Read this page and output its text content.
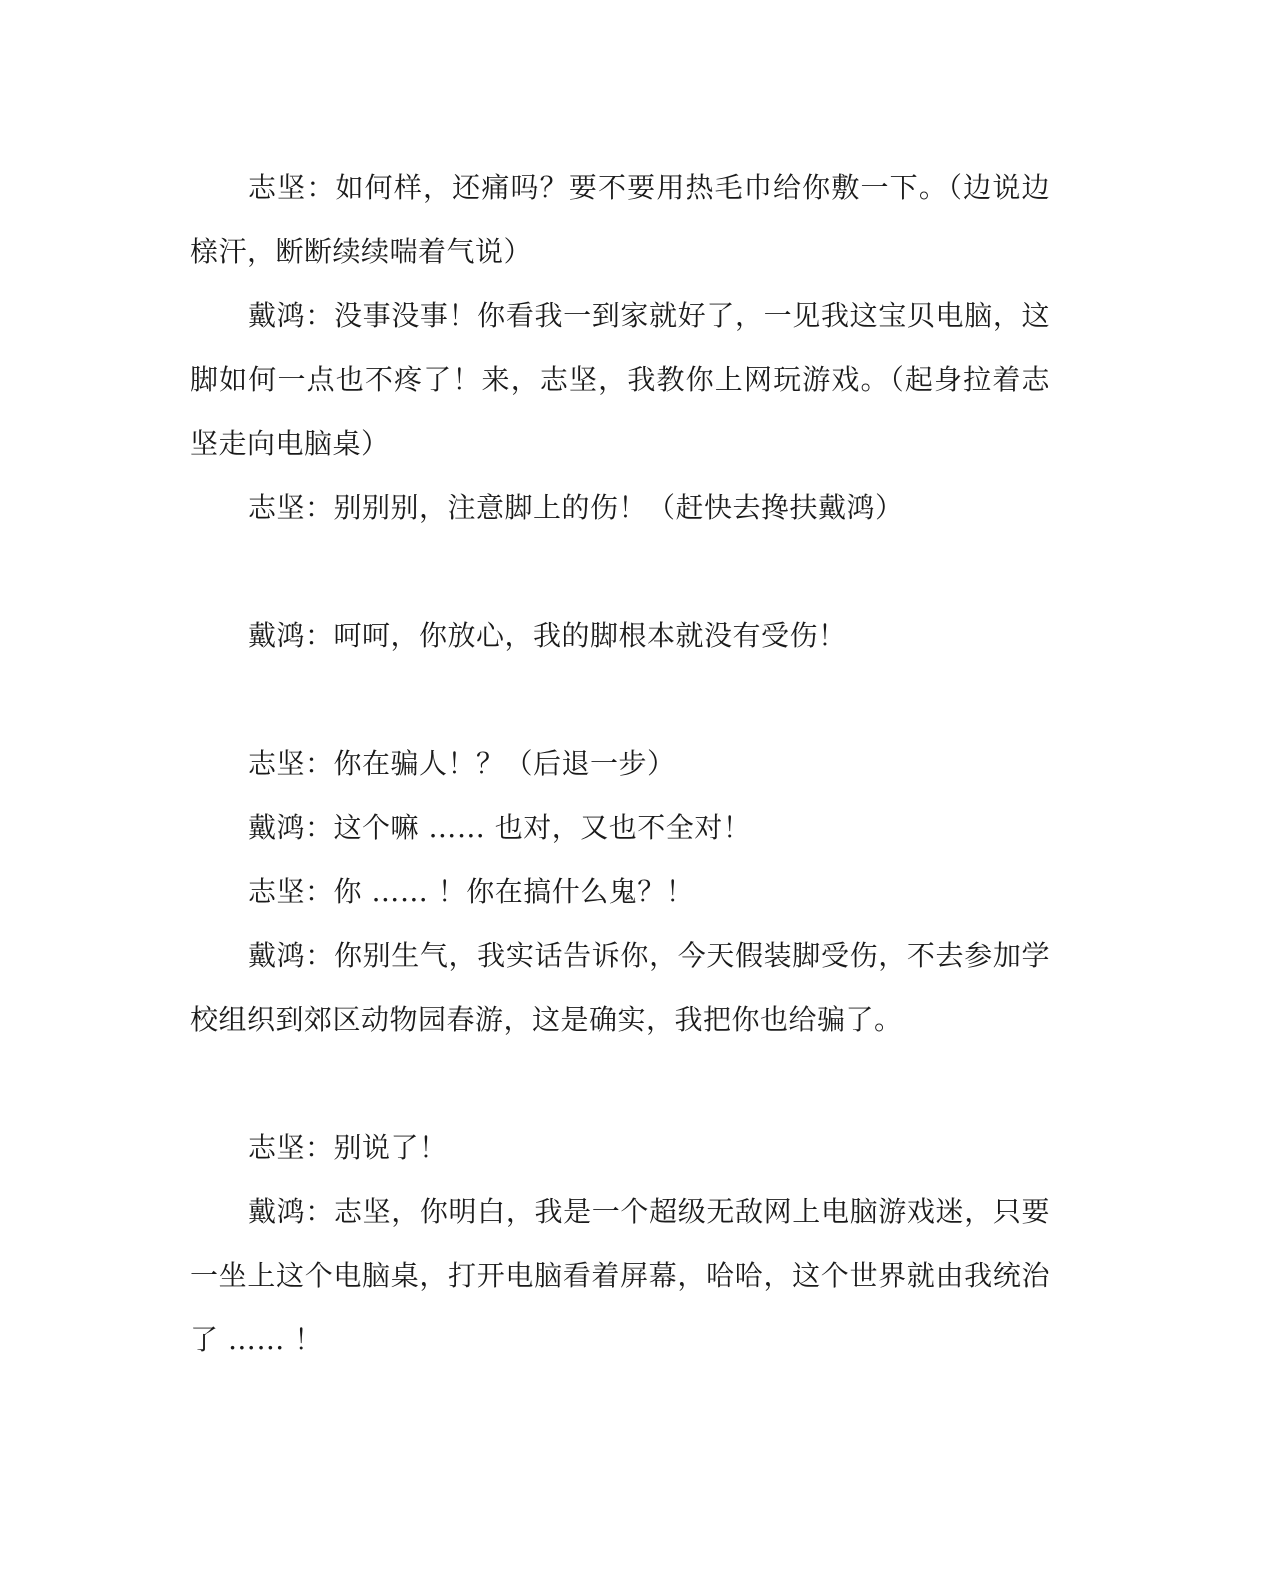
志坚：如何样，还痛吗？要不要用热毛巾给你敷一下。（边说边榇汗，断断续续喘着气说）

戴鸿：没事没事！你看我一到家就好了，一见我这宝贝电脑，这脚如何一点也不疼了！来，志坚，我教你上网玩游戏。（起身拉着志坚走向电脑桌）

志坚：别别别，注意脚上的伤！（赶快去搀扶戴鸿）

戴鸿：呵呵，你放心，我的脚根本就没有受伤！

志坚：你在骗人！？（后退一步）

戴鸿：这个嘛 …… 也对，又也不全对！

志坚：你 …… ！你在搞什么鬼？！

戴鸿：你别生气，我实话告诉你，今天假装脚受伤，不去参加学校组织到郊区动物园春游，这是确实，我把你也给骗了。

志坚：别说了！

戴鸿：志坚，你明白，我是一个超级无敌网上电脑游戏迷，只要一坐上这个电脑桌，打开电脑看着屏幕，哈哈，这个世界就由我统治了 …… ！
